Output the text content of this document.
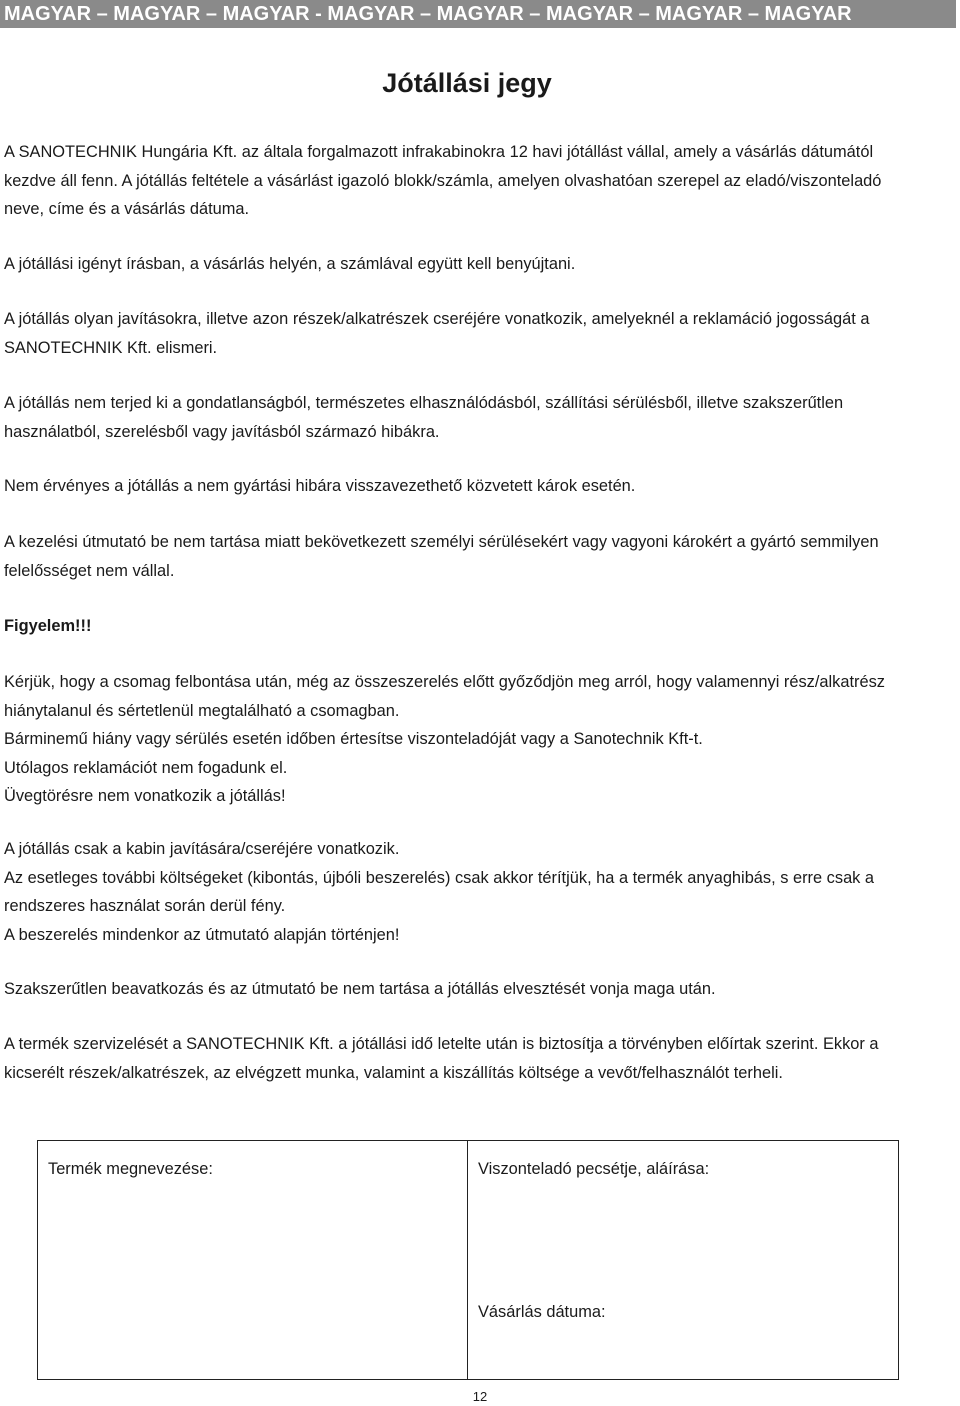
MAGYAR – MAGYAR – MAGYAR - MAGYAR – MAGYAR – MAGYAR – MAGYAR – MAGYAR
Jótállási jegy
A SANOTECHNIK Hungária Kft. az általa forgalmazott infrakabinokra 12 havi jótállást vállal, amely a vásárlás dátumától
kezdve áll fenn. A jótállás feltétele a vásárlást igazoló blokk/számla, amelyen olvashatóan szerepel az eladó/viszonteladó
neve, címe és a vásárlás dátuma.
A jótállási igényt írásban, a vásárlás helyén, a számlával együtt kell benyújtani.
A jótállás olyan javításokra, illetve azon részek/alkatrészek cseréjére vonatkozik, amelyeknél a reklamáció jogosságát a
SANOTECHNIK Kft. elismeri.
A jótállás nem terjed ki a gondatlanságból, természetes elhasználódásból, szállítási sérülésből, illetve szakszerűtlen
használatból, szerelésből vagy javításból származó hibákra.
Nem érvényes a jótállás a nem gyártási hibára visszavezethető közvetett károk esetén.
A kezelési útmutató be nem tartása miatt bekövetkezett személyi sérülésekért vagy vagyoni károkért a gyártó semmilyen
felelősséget nem vállal.
Figyelem!!!
Kérjük, hogy a csomag felbontása után, még az összeszerelés előtt győződjön meg arról, hogy valamennyi rész/alkatrész
hiánytalanul és sértetlenül megtalálható a csomagban.
Bárminemű hiány vagy sérülés esetén időben értesítse viszonteladóját vagy a Sanotechnik Kft-t.
Utólagos reklamációt nem fogadunk el.
Üvegtörésre nem vonatkozik a jótállás!
A jótállás csak a kabin javítására/cseréjére vonatkozik.
Az esetleges további költségeket (kibontás, újbóli beszerelés) csak akkor térítjük, ha a termék anyaghibás, s erre csak a
rendszeres használat során derül fény.
A beszerelés mindenkor az útmutató alapján történjen!
Szakszerűtlen beavatkozás és az útmutató be nem tartása a jótállás elvesztését vonja maga után.
A termék szervizelését a SANOTECHNIK Kft. a jótállási idő letelte után is biztosítja a törvényben előírtak szerint. Ekkor a
kicserélt részek/alkatrészek, az elvégzett munka, valamint a kiszállítás költsége a vevőt/felhasználót terheli.
Termék megnevezése:	Viszonteladó pecsétje, aláírása:
Vásárlás dátuma:
12
